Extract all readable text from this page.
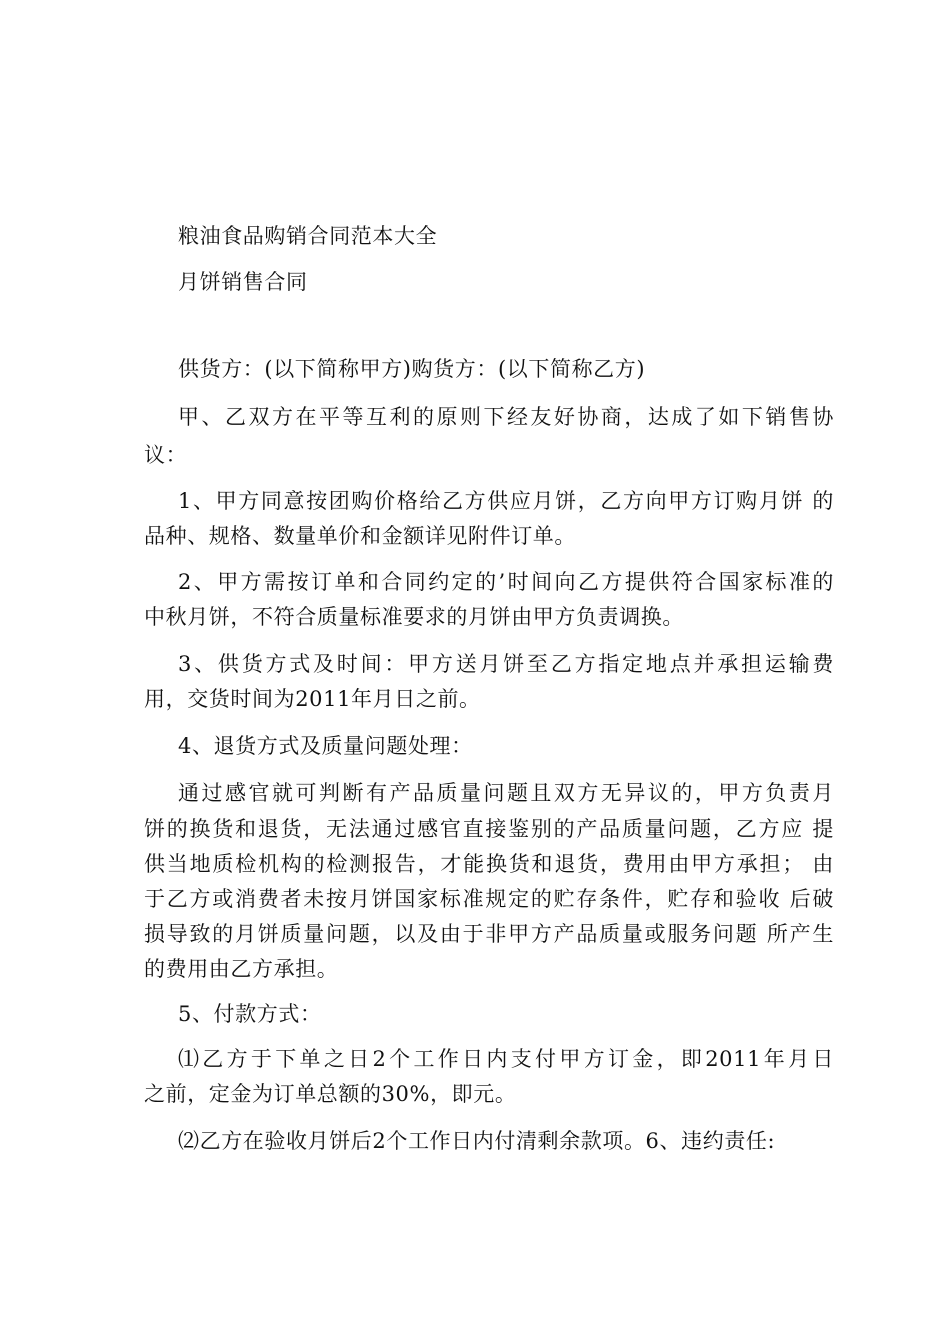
粮油食品购销合同范本大全
月饼销售合同
供货方：(以下简称甲方)购货方：(以下简称乙方)
甲、乙双方在平等互利的原则下经友好协商，达成了如下销售协
议：
1、甲方同意按团购价格给乙方供应月饼，乙方向甲方订购月饼 的
品种、规格、数量单价和金额详见附件订单。
2、甲方需按订单和合同约定的’时间向乙方提供符合国家标准的
中秋月饼，不符合质量标准要求的月饼由甲方负责调换。
3、供货方式及时间：甲方送月饼至乙方指定地点并承担运输费
用，交货时间为2011年月日之前。
4、退货方式及质量问题处理：
通过感官就可判断有产品质量问题且双方无异议的，甲方负责月
饼的换货和退货，无法通过感官直接鉴别的产品质量问题，乙方应 提
供当地质检机构的检测报告，才能换货和退货，费用由甲方承担； 由
于乙方或消费者未按月饼国家标准规定的贮存条件，贮存和验收 后破
损导致的月饼质量问题，以及由于非甲方产品质量或服务问题 所产生
的费用由乙方承担。
5、付款方式：
⑴乙方于下单之日2个工作日内支付甲方订金，即2011年月日
之前，定金为订单总额的30%，即元。
⑵乙方在验收月饼后2个工作日内付清剩余款项。6、违约责任:
